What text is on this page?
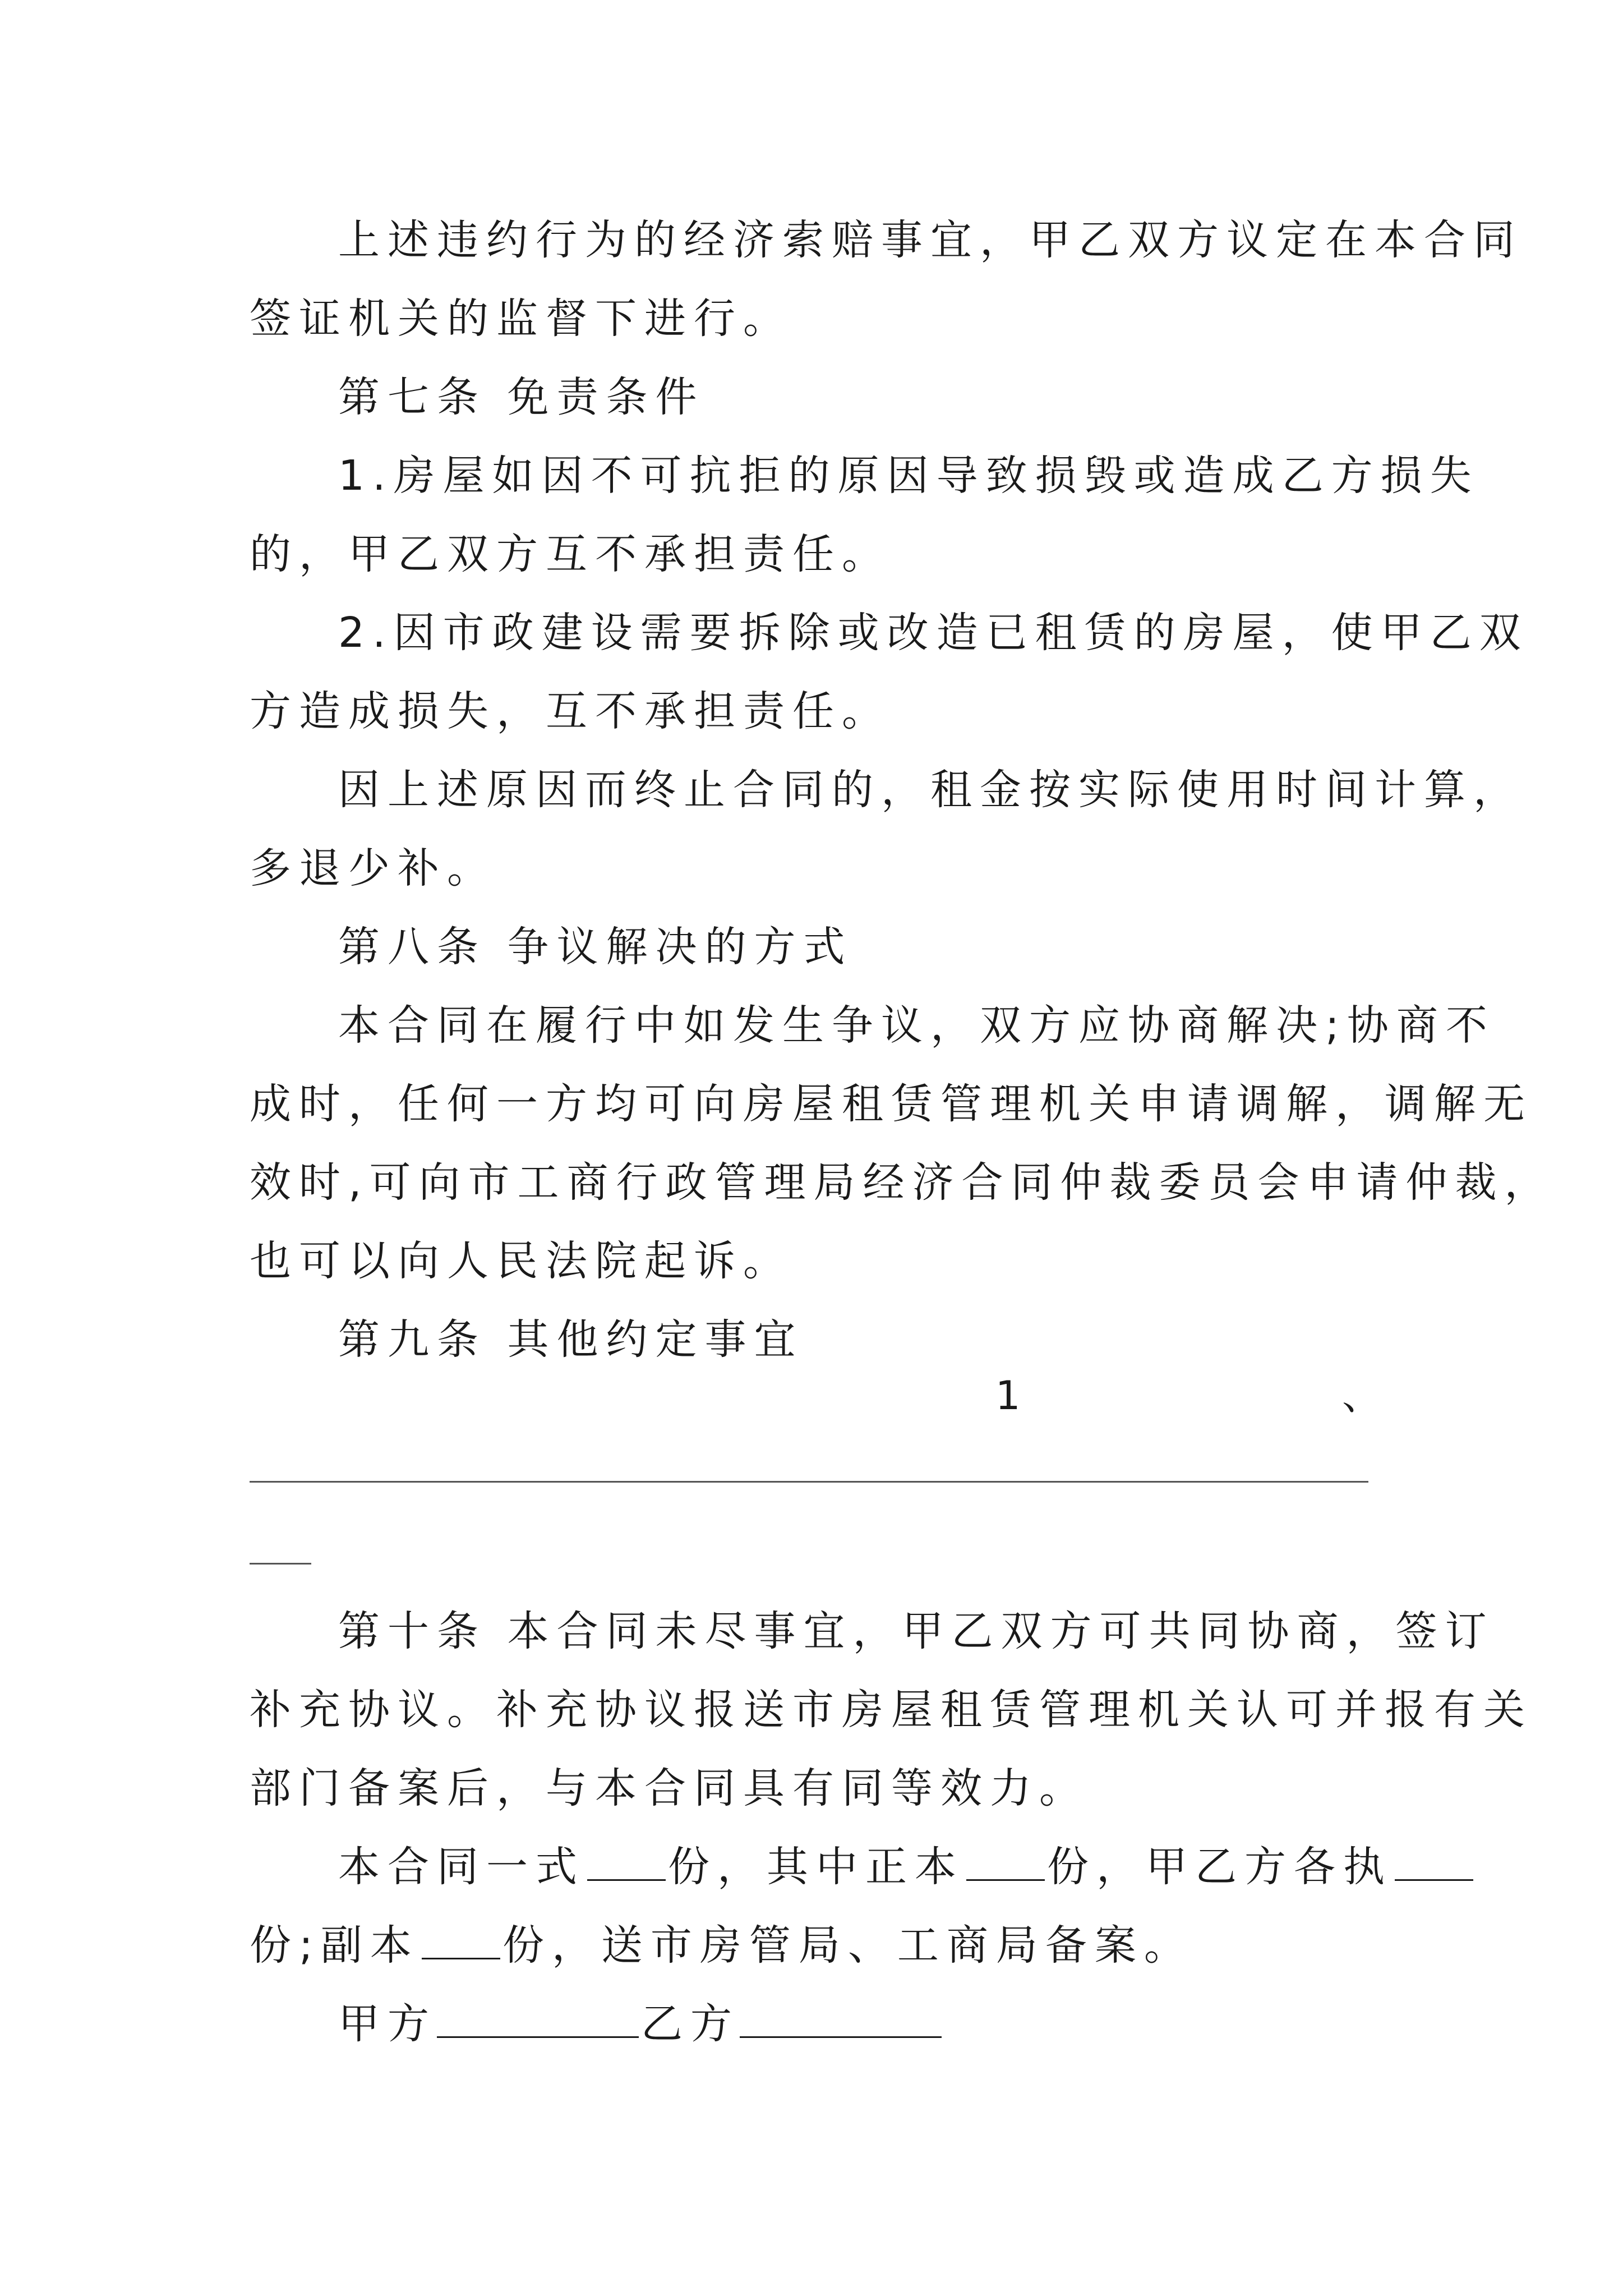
上述违约行为的经济索赔事宜，甲乙双方议定在本合同
签证机关的监督下进行。
第七条 免责条件
1.房屋如因不可抗拒的原因导致损毁或造成乙方损失
的，甲乙双方互不承担责任。
2.因市政建设需要拆除或改造已租赁的房屋，使甲乙双
方造成损失，互不承担责任。
因上述原因而终止合同的，租金按实际使用时间计算，
多退少补。
第八条 争议解决的方式
本合同在履行中如发生争议，双方应协商解决;协商不
成时，任何一方均可向房屋租赁管理机关申请调解，调解无
效时,可向市工商行政管理局经济合同仲裁委员会申请仲裁，
也可以向人民法院起诉。
第九条 其他约定事宜
1	、
第十条 本合同未尽事宜，甲乙双方可共同协商，签订
补充协议。补充协议报送市房屋租赁管理机关认可并报有关
部门备案后，与本合同具有同等效力。
本合同一式 份，其中正本 份，甲乙方各执
份;副本 份，送市房管局、工商局备案。
甲方	乙方
